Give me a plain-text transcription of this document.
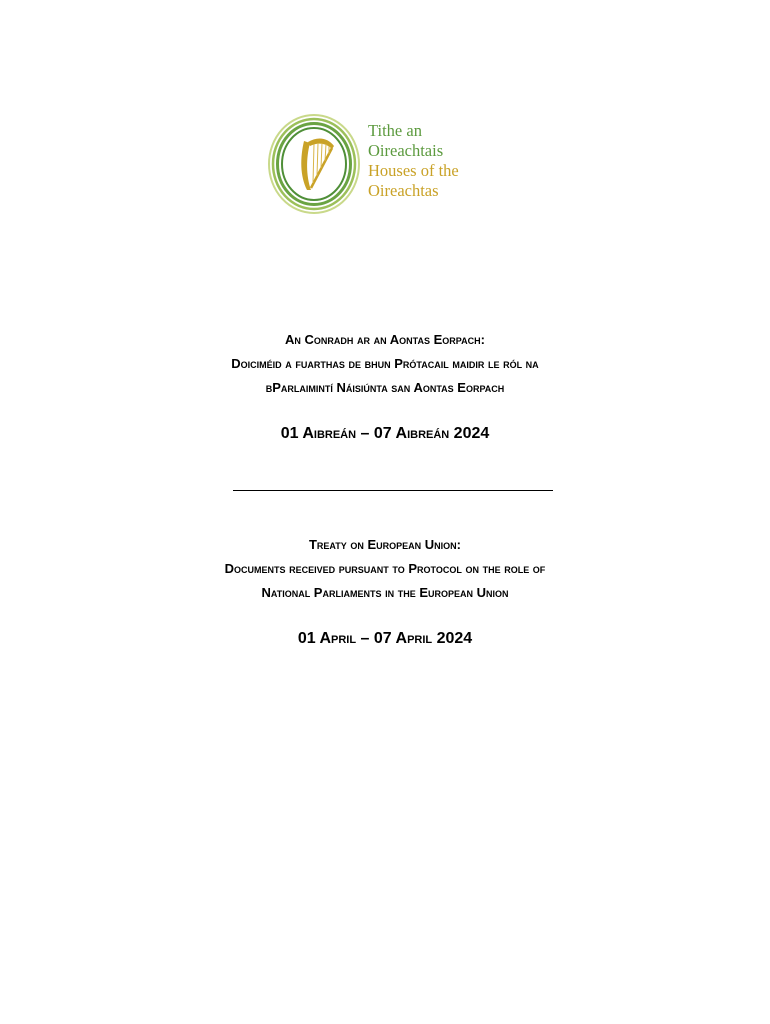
Tithe an
Oireachtais
Houses of the
Oireachtas
An Conradh ar an Aontas Eorpach:
Doiciméid a fuarthas de bhun Prótacail maidir le ról na
bParlaimintí Náisiúnta san Aontas Eorpach
01 Aibreán – 07 Aibreán 2024
Treaty on European Union:
Documents received pursuant to Protocol on the role of
National Parliaments in the European Union
01 April – 07 April 2024
